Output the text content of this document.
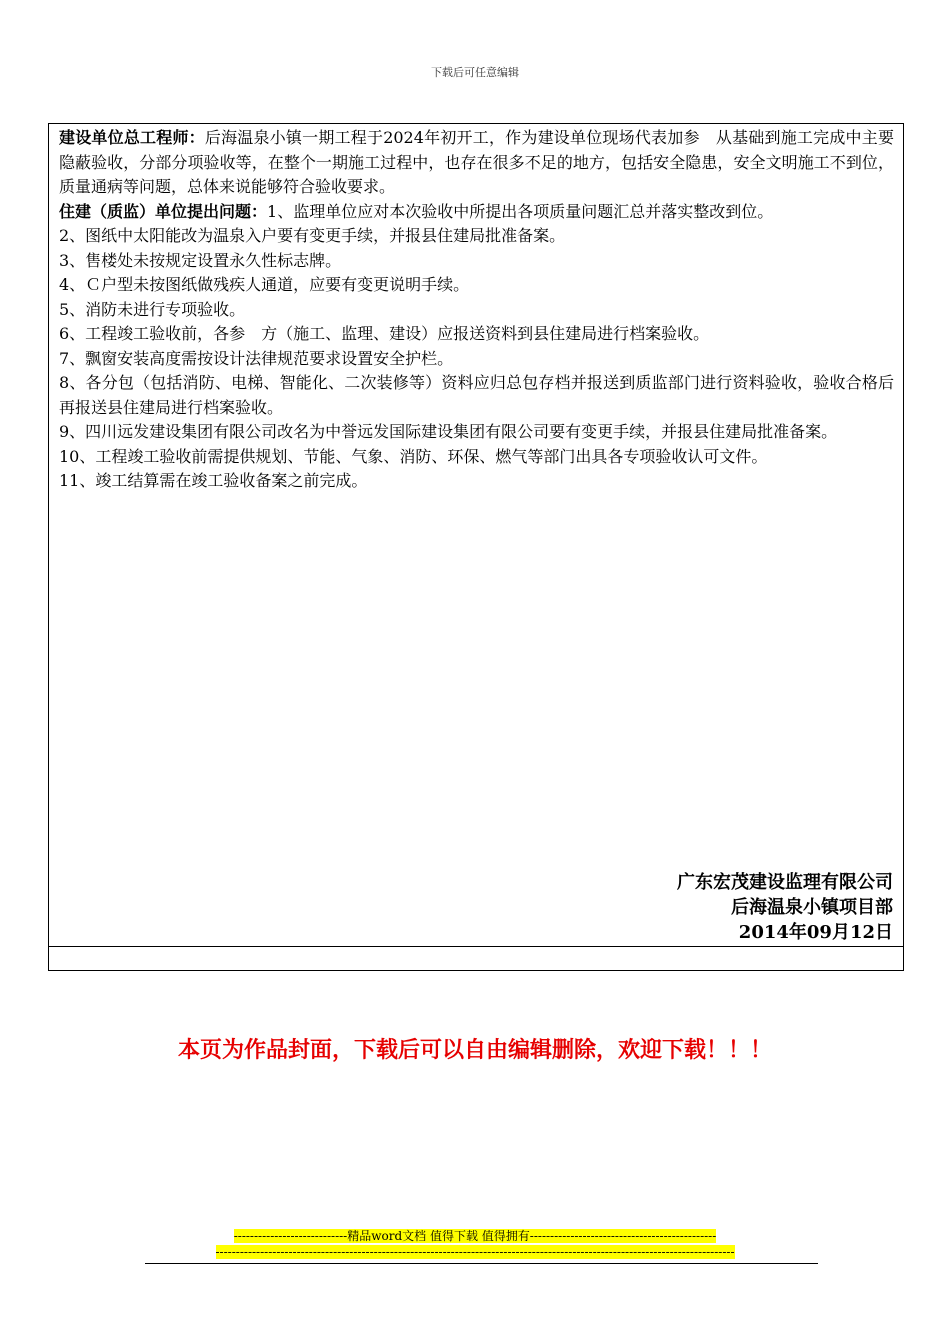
下载后可任意编辑

建设单位总工程师：后海温泉小镇一期工程于2024年初开工，作为建设单位现场代表加参　从基础到施工完成中主要隐蔽验收，分部分项验收等，在整个一期施工过程中，也存在很多不足的地方，包括安全隐患，安全文明施工不到位，质量通病等问题，总体来说能够符合验收要求。

住建（质监）单位提出问题：1、监理单位应对本次验收中所提出各项质量问题汇总并落实整改到位。

2、图纸中太阳能改为温泉入户要有变更手续，并报县住建局批准备案。

3、售楼处未按规定设置永久性标志牌。

4、Ｃ户型未按图纸做残疾人通道，应要有变更说明手续。

5、消防未进行专项验收。

6、工程竣工验收前，各参　方（施工、监理、建设）应报送资料到县住建局进行档案验收。

7、飘窗安装高度需按设计法律规范要求设置安全护栏。

8、各分包（包括消防、电梯、智能化、二次装修等）资料应归总包存档并报送到质监部门进行资料验收，验收合格后再报送县住建局进行档案验收。

9、四川远发建设集团有限公司改名为中誉远发国际建设集团有限公司要有变更手续，并报县住建局批准备案。

10、工程竣工验收前需提供规划、节能、气象、消防、环保、燃气等部门出具各专项验收认可文件。

11、竣工结算需在竣工验收备案之前完成。

广东宏茂建设监理有限公司
后海温泉小镇项目部
2014年09月12日
本页为作品封面，下载后可以自由编辑删除，欢迎下载！！！
----------------------------精品word文档 值得下载 值得拥有----------------------------------------------
--------------------------------------------------------------------------------------------------------------------------------
